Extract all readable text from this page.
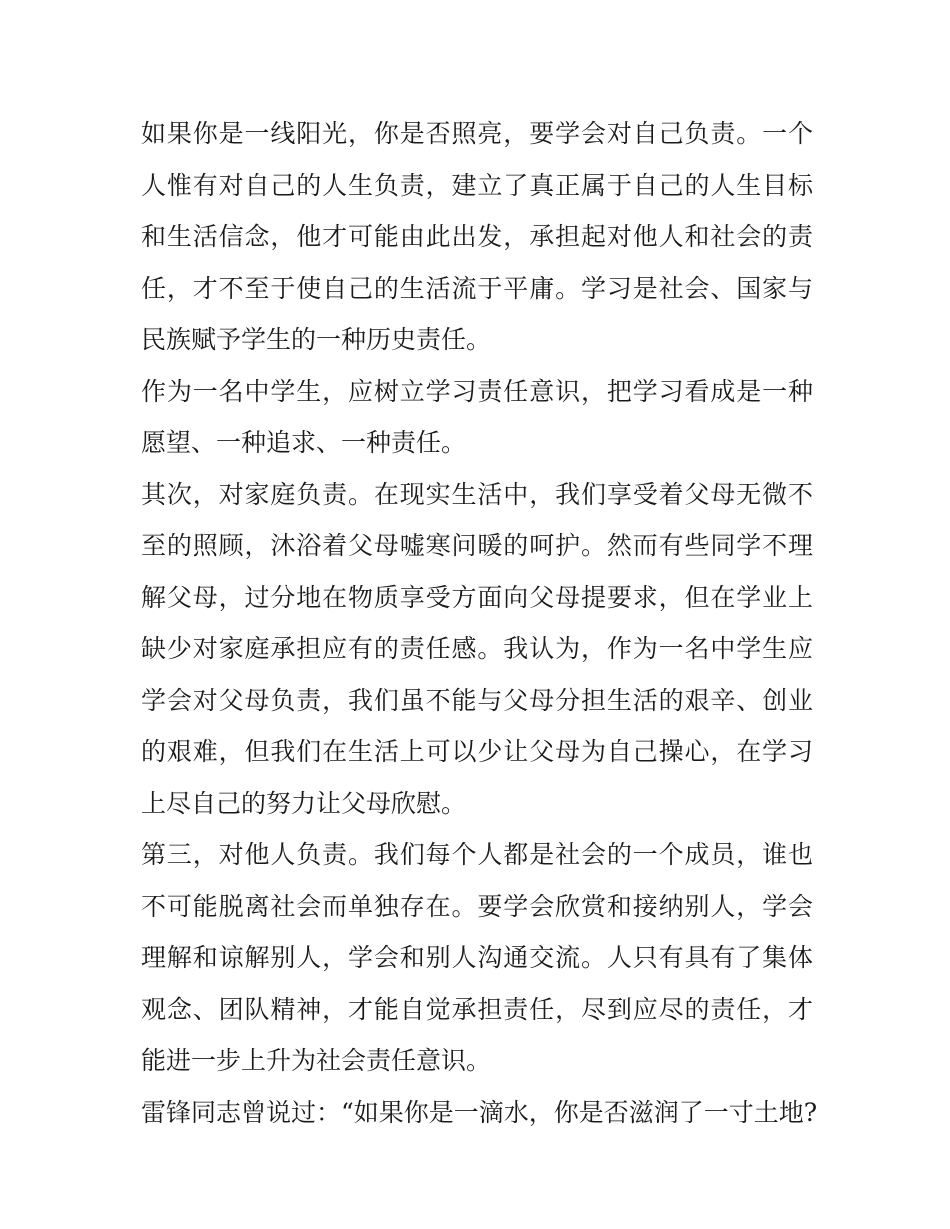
如果你是一线阳光，你是否照亮，要学会对自己负责。一个人惟有对自己的人生负责，建立了真正属于自己的人生目标和生活信念，他才可能由此出发，承担起对他人和社会的责任，才不至于使自己的生活流于平庸。学习是社会、国家与民族赋予学生的一种历史责任。

作为一名中学生，应树立学习责任意识，把学习看成是一种愿望、一种追求、一种责任。

其次，对家庭负责。在现实生活中，我们享受着父母无微不至的照顾，沐浴着父母嘘寒问暖的呵护。然而有些同学不理解父母，过分地在物质享受方面向父母提要求，但在学业上缺少对家庭承担应有的责任感。我认为，作为一名中学生应学会对父母负责，我们虽不能与父母分担生活的艰辛、创业的艰难，但我们在生活上可以少让父母为自己操心，在学习上尽自己的努力让父母欣慰。

第三，对他人负责。我们每个人都是社会的一个成员，谁也不可能脱离社会而单独存在。要学会欣赏和接纳别人，学会理解和谅解别人，学会和别人沟通交流。人只有具有了集体观念、团队精神，才能自觉承担责任，尽到应尽的责任，才能进一步上升为社会责任意识。

雷锋同志曾说过：“如果你是一滴水，你是否滋润了一寸土地?
